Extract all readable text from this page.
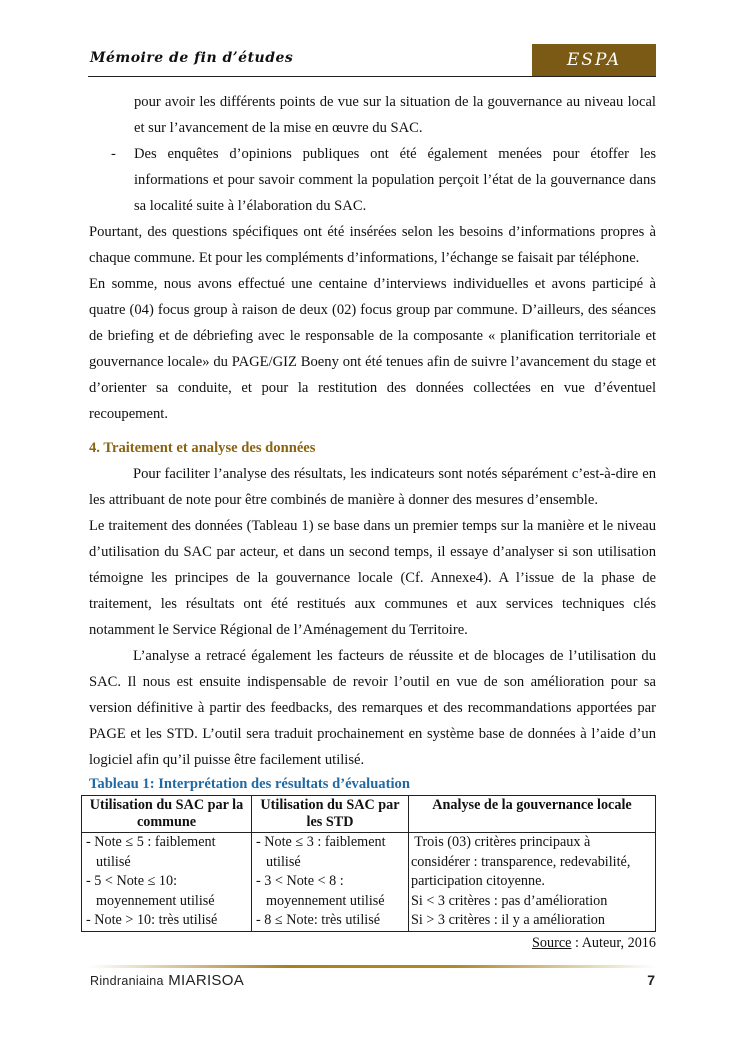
Mémoire de fin d’études	ESPA

pour avoir les différents points de vue sur la situation de la gouvernance au niveau local et sur l’avancement de la mise en œuvre du SAC.

- Des enquêtes d’opinions publiques ont été également menées pour étoffer les informations et pour savoir comment la population perçoit l’état de la gouvernance dans sa localité suite à l’élaboration du SAC.

Pourtant, des questions spécifiques ont été insérées selon les besoins d’informations propres à chaque commune. Et pour les compléments d’informations, l’échange se faisait par téléphone.

En somme, nous avons effectué une centaine d’interviews individuelles et avons participé à quatre (04) focus group à raison de deux (02) focus group par commune. D’ailleurs, des séances de briefing et de débriefing avec le responsable de la composante « planification territoriale et gouvernance locale» du PAGE/GIZ Boeny ont été tenues afin de suivre l’avancement du stage et d’orienter sa conduite, et pour la restitution des données collectées en vue d’éventuel recoupement.

4. Traitement et analyse des données

Pour faciliter l’analyse des résultats, les indicateurs sont notés séparément c’est-à-dire en les attribuant de note pour être combinés de manière à donner des mesures d’ensemble.

Le traitement des données (Tableau 1) se base dans un premier temps sur la manière et le niveau d’utilisation du SAC par acteur, et dans un second temps, il essaye d’analyser si son utilisation témoigne les principes de la gouvernance locale (Cf. Annexe4). A l’issue de la phase de traitement, les résultats ont été restitués aux communes et aux services techniques clés notamment le Service Régional de l’Aménagement du Territoire.

L’analyse a retracé également les facteurs de réussite et de blocages de l’utilisation du SAC. Il nous est ensuite indispensable de revoir l’outil en vue de son amélioration pour sa version définitive à partir des feedbacks, des remarques et des recommandations apportées par PAGE et les STD. L’outil sera traduit prochainement en système base de données à l’aide d’un logiciel afin qu’il puisse être facilement utilisé.

Tableau 1: Interprétation des résultats d’évaluation

Utilisation du SAC par la commune	Utilisation du SAC par les STD	Analyse de la gouvernance locale

- Note ≤ 5 : faiblement
utilisé
- 5 < Note ≤ 10:
moyennement utilisé
- Note > 10: très utilisé	- Note ≤ 3 : faiblement
utilisé
- 3 < Note < 8 :
moyennement utilisé
- 8 ≤ Note: très utilisé	Trois (03) critères principaux à
considérer : transparence, redevabilité,
participation citoyenne.
Si < 3 critères : pas d’amélioration
Si > 3 critères : il y a amélioration
Source : Auteur, 2016
Rindraniaina MIARISOA	7
